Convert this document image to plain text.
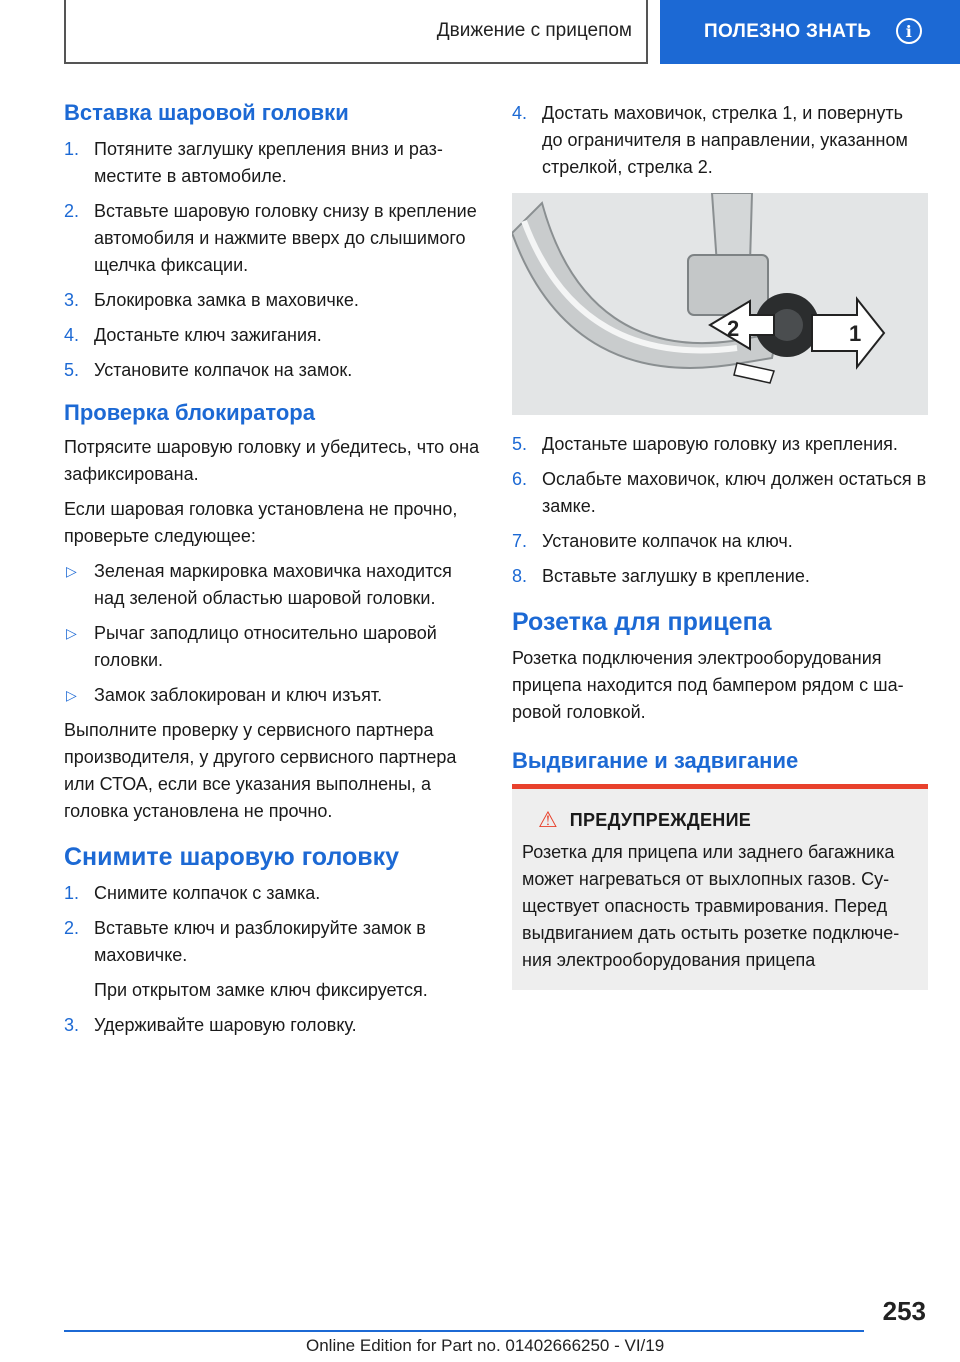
Движение с прицепом	ПОЛЕЗНО ЗНАТЬ	i
Вставка шаровой головки
1. Потяните заглушку крепления вниз и разместите в автомобиле.
2. Вставьте шаровую головку снизу в крепление автомобиля и нажмите вверх до слышимого щелчка фиксации.
3. Блокировка замка в маховичке.
4. Достаньте ключ зажигания.
5. Установите колпачок на замок.
Проверка блокиратора

Потрясите шаровую головку и убедитесь, что она зафиксирована.

Если шаровая головка установлена не прочно, проверьте следующее:

▷ Зеленая маркировка маховичка находится над зеленой областью шаровой головки.
▷ Рычаг заподлицо относительно шаровой головки.
▷ Замок заблокирован и ключ изъят.

Выполните проверку у сервисного партнера производителя, у другого сервисного партнера или СТОА, если все указания выполнены, а головка установлена не прочно.

Снимите шаровую головку
1. Снимите колпачок с замка.
2. Вставьте ключ и разблокируйте замок в маховичке.
При открытом замке ключ фиксируется.
3. Удерживайте шаровую головку.
4. Достать маховичок, стрелка 1, и повернуть до ограничителя в направлении, указанном стрелкой, стрелка 2.
2	1
5. Достаньте шаровую головку из крепления.
6. Ослабьте маховичок, ключ должен остаться в замке.
7. Установите колпачок на ключ.
8. Вставьте заглушку в крепление.
Розетка для прицепа

Розетка подключения электрооборудования прицепа находится под бампером рядом с шаровой головкой.

Выдвигание и задвигание
⚠ ПРЕДУПРЕЖДЕНИЕ

Розетка для прицепа или заднего багажника может нагреваться от выхлопных газов. Существует опасность травмирования. Перед выдвиганием дать остыть розетке подключения электрооборудования прицепа

253
Online Edition for Part no. 01402666250 - VI/19
